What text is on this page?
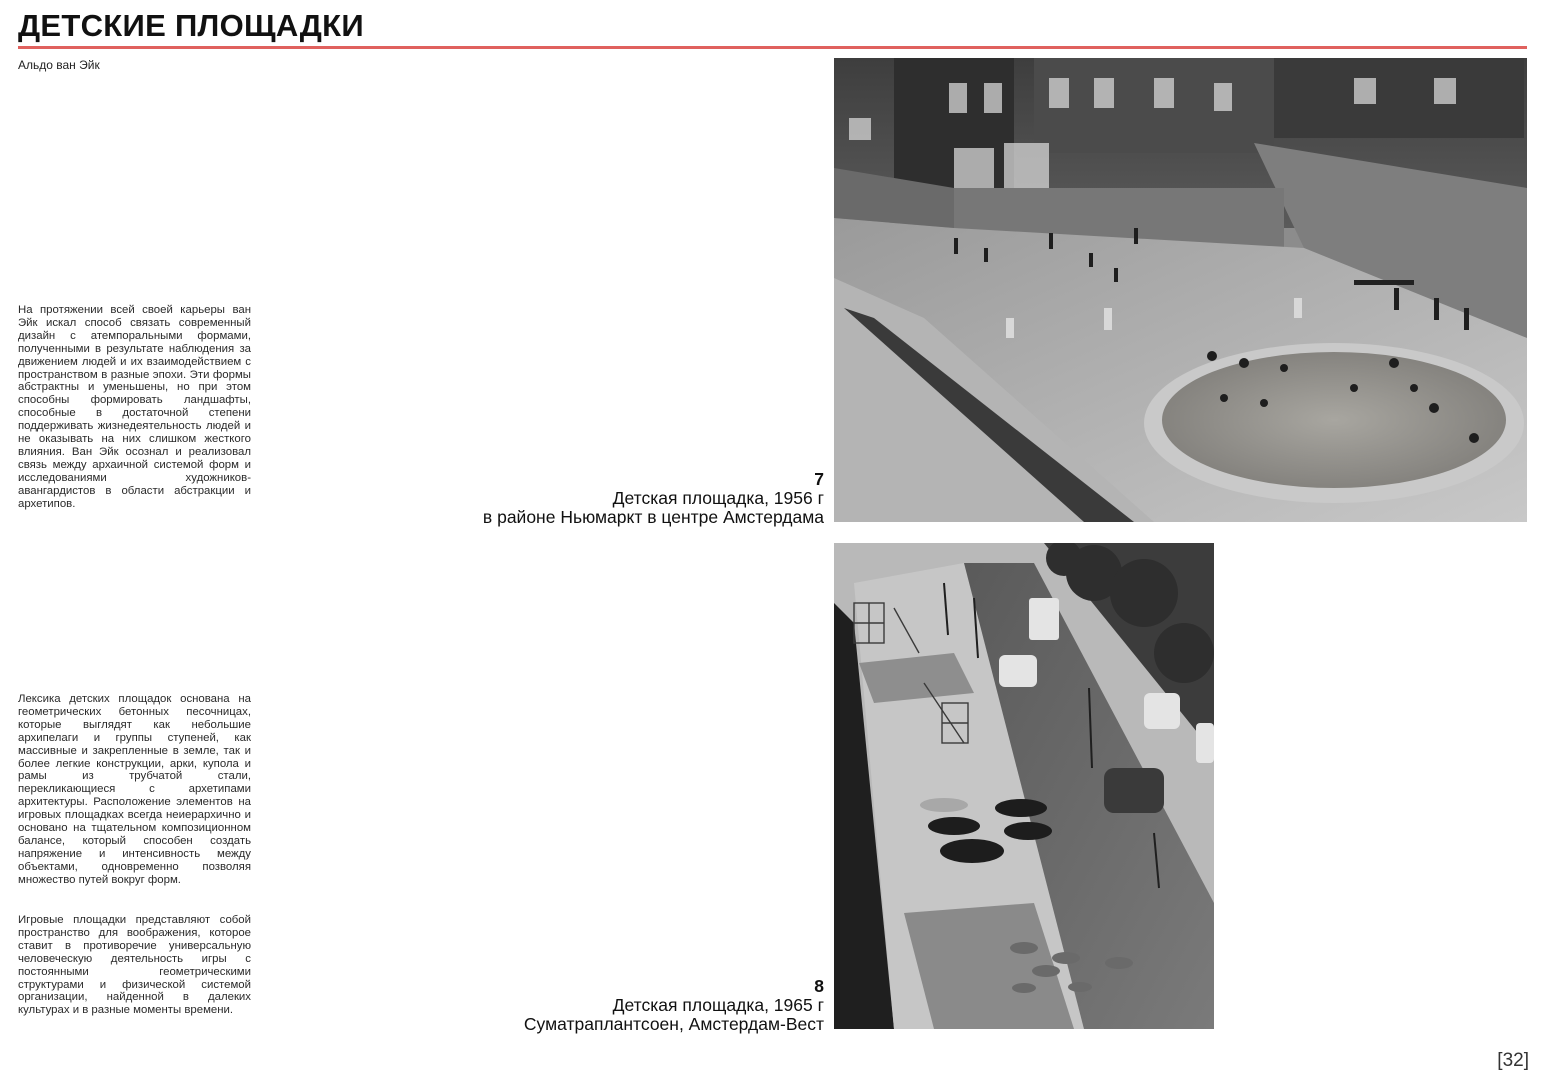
ДЕТСКИЕ ПЛОЩАДКИ
Альдо ван Эйк

На протяжении всей своей карьеры ван Эйк искал способ связать современный дизайн с атемпоральными формами, полученными в результате наблюдения за движением людей и их взаимодействием с пространством в разные эпохи. Эти формы абстрактны и уменьшены, но при этом способны формировать ландшафты, способные в достаточной степени поддерживать жизнедеятельность людей и не оказывать на них слишком жесткого влияния. Ван Эйк осознал и реализовал связь между архаичной системой форм и исследованиями художников-авангардистов в области абстракции и архетипов.

Лексика детских площадок основана на геометрических бетонных песочницах, которые выглядят как небольшие архипелаги и группы ступеней, как массивные и закрепленные в земле, так и более легкие конструкции, арки, купола и рамы из трубчатой стали, перекликающиеся с архетипами архитектуры. Расположение элементов на игровых площадках всегда неиерархично и основано на тщательном композиционном балансе, который способен создать напряжение и интенсивность между объектами, одновременно позволяя множество путей вокруг форм.

Игровые площадки представляют собой пространство для воображения, которое ставит в противоречие универсальную человеческую деятельность игры с постоянными геометрическими структурами и физической системой организации, найденной в далеких культурах и в разные моменты времени.

7
Детская площадка, 1956 г
в районе Ньюмаркт в центре Амстердама
8
Детская площадка, 1965 г
Суматраплантсоен, Амстердам-Вест
[32]
